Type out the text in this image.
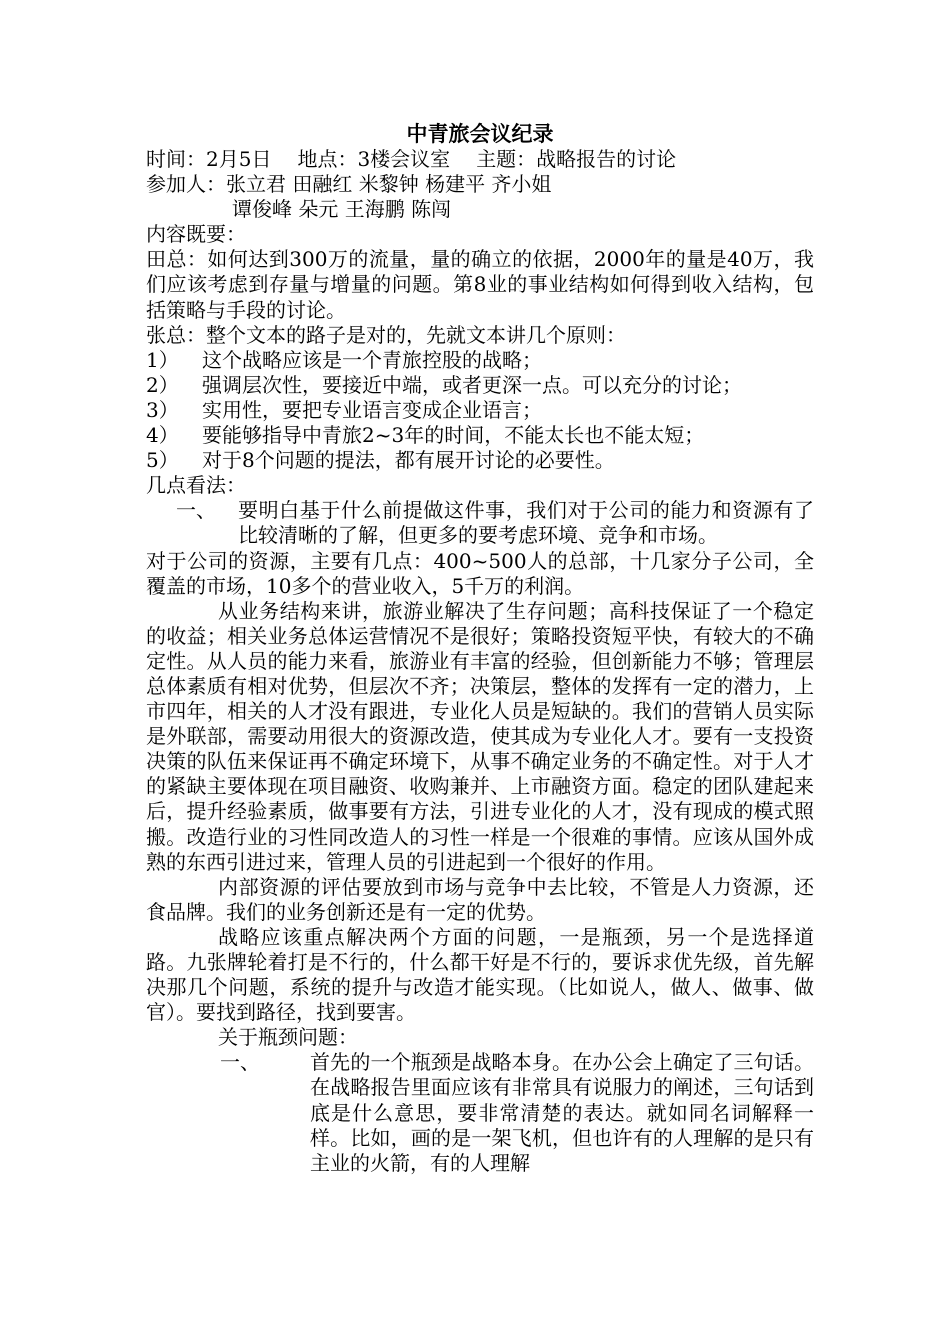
中青旅会议纪录
时间：2月5日 地点：3楼会议室 主题：战略报告的讨论
参加人：张立君 田融红 米黎钟 杨建平 齐小姐
谭俊峰 朵元 王海鹏 陈闯
内容既要：
田总：如何达到300万的流量，量的确立的依据，2000年的量是40万，我们应该考虑到存量与增量的问题。第8业的事业结构如何得到收入结构，包括策略与手段的讨论。
张总：整个文本的路子是对的，先就文本讲几个原则：
1）	这个战略应该是一个青旅控股的战略；
2）	强调层次性，要接近中端，或者更深一点。可以充分的讨论；
3）	实用性，要把专业语言变成企业语言；
4）	要能够指导中青旅2~3年的时间，不能太长也不能太短；
5）	对于8个问题的提法，都有展开讨论的必要性。
几点看法：
一、	要明白基于什么前提做这件事，我们对于公司的能力和资源有了比较清晰的了解，但更多的要考虑环境、竞争和市场。
对于公司的资源，主要有几点：400~500人的总部，十几家分子公司，全覆盖的市场，10多个的营业收入，5千万的利润。
从业务结构来讲，旅游业解决了生存问题；高科技保证了一个稳定的收益；相关业务总体运营情况不是很好；策略投资短平快，有较大的不确定性。从人员的能力来看，旅游业有丰富的经验，但创新能力不够；管理层总体素质有相对优势，但层次不齐；决策层，整体的发挥有一定的潜力，上市四年，相关的人才没有跟进，专业化人员是短缺的。我们的营销人员实际是外联部，需要动用很大的资源改造，使其成为专业化人才。要有一支投资决策的队伍来保证再不确定环境下，从事不确定业务的不确定性。对于人才的紧缺主要体现在项目融资、收购兼并、上市融资方面。稳定的团队建起来后，提升经验素质，做事要有方法，引进专业化的人才，没有现成的模式照搬。改造行业的习性同改造人的习性一样是一个很难的事情。应该从国外成熟的东西引进过来，管理人员的引进起到一个很好的作用。
内部资源的评估要放到市场与竞争中去比较，不管是人力资源，还食品牌。我们的业务创新还是有一定的优势。
战略应该重点解决两个方面的问题，一是瓶颈，另一个是选择道路。九张牌轮着打是不行的，什么都干好是不行的，要诉求优先级，首先解决那几个问题，系统的提升与改造才能实现。（比如说人，做人、做事、做官）。要找到路径，找到要害。
关于瓶颈问题：
一、	首先的一个瓶颈是战略本身。在办公会上确定了三句话。在战略报告里面应该有非常具有说服力的阐述，三句话到底是什么意思，要非常清楚的表达。就如同名词解释一样。比如，画的是一架飞机，但也许有的人理解的是只有主业的火箭，有的人理解
